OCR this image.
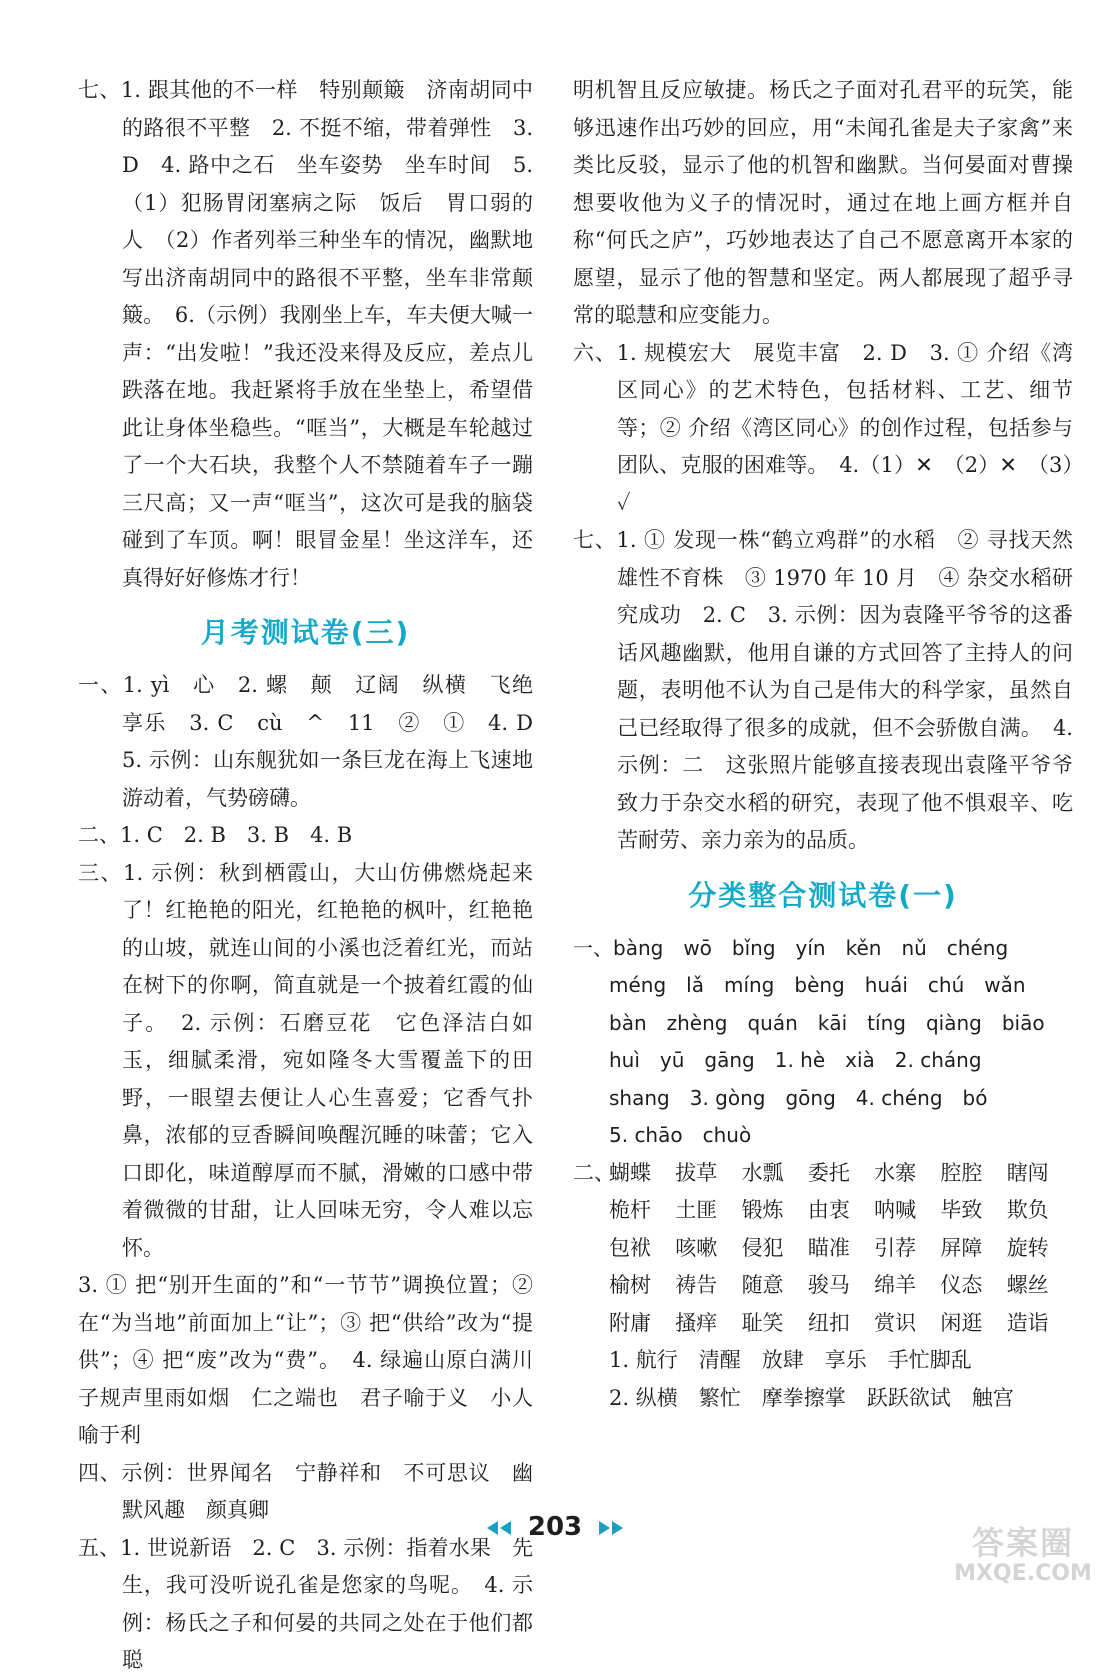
七、1. 跟其他的不一样　特别颠簸　济南胡同中的路很不平整　2. 不挺不缩，带着弹性　3. D　4. 路中之石　坐车姿势　坐车时间　5.（1）犯肠胃闭塞病之际　饭后　胃口弱的人　（2）作者列举三种坐车的情况，幽默地写出济南胡同中的路很不平整，坐车非常颠簸。　6.（示例）我刚坐上车，车夫便大喊一声：“出发啦！”我还没来得及反应，差点儿跌落在地。我赶紧将手放在坐垫上，希望借此让身体坐稳些。“哐当”，大概是车轮越过了一个大石块，我整个人不禁随着车子一蹦三尺高；又一声“哐当”，这次可是我的脑袋碰到了车顶。啊！眼冒金星！坐这洋车，还真得好好修炼才行！

月考测试卷(三)

一、1. yì　心　2. 螺　颠　辽阔　纵横　飞绝　享乐　3. C　cù　^　11　②　①　4. D　5. 示例：山东舰犹如一条巨龙在海上飞速地游动着，气势磅礴。

二、1. C　2. B　3. B　4. B

三、1. 示例：秋到栖霞山，大山仿佛燃烧起来了！红艳艳的阳光，红艳艳的枫叶，红艳艳的山坡，就连山间的小溪也泛着红光，而站在树下的你啊，简直就是一个披着红霞的仙子。　2. 示例：石磨豆花　它色泽洁白如玉，细腻柔滑，宛如隆冬大雪覆盖下的田野，一眼望去便让人心生喜爱；它香气扑鼻，浓郁的豆香瞬间唤醒沉睡的味蕾；它入口即化，味道醇厚而不腻，滑嫩的口感中带着微微的甘甜，让人回味无穷，令人难以忘怀。

3. ① 把“别开生面的”和“一节节”调换位置；② 在“为当地”前面加上“让”；③ 把“供给”改为“提供”；④ 把“废”改为“费”。　4. 绿遍山原白满川　子规声里雨如烟　仁之端也　君子喻于义　小人喻于利

四、示例：世界闻名　宁静祥和　不可思议　幽默风趣　颜真卿

五、1. 世说新语　2. C　3. 示例：指着水果　先生，我可没听说孔雀是您家的鸟呢。　4. 示例：杨氏之子和何晏的共同之处在于他们都聪

明机智且反应敏捷。杨氏之子面对孔君平的玩笑，能够迅速作出巧妙的回应，用“未闻孔雀是夫子家禽”来类比反驳，显示了他的机智和幽默。当何晏面对曹操想要收他为义子的情况时，通过在地上画方框并自称“何氏之庐”，巧妙地表达了自己不愿意离开本家的愿望，显示了他的智慧和坚定。两人都展现了超乎寻常的聪慧和应变能力。

六、1. 规模宏大　展览丰富　2. D　3. ① 介绍《湾区同心》的艺术特色，包括材料、工艺、细节等；② 介绍《湾区同心》的创作过程，包括参与团队、克服的困难等。　4.（1）✕　（2）✕　（3）✓

七、1. ① 发现一株“鹤立鸡群”的水稻　② 寻找天然雄性不育株　③ 1970 年 10 月　④ 杂交水稻研究成功　2. C　3. 示例：因为袁隆平爷爷的这番话风趣幽默，他用自谦的方式回答了主持人的问题，表明他不认为自己是伟大的科学家，虽然自己已经取得了很多的成就，但不会骄傲自满。　4. 示例：二　这张照片能够直接表现出袁隆平爷爷致力于杂交水稻的研究，表现了他不惧艰辛、吃苦耐劳、亲力亲为的品质。

分类整合测试卷(一)

一、bàng　wō　bǐng　yín　kěn　nǔ　chéng

méng　lǎ　míng　bèng　huái　chú　wǎn

bàn　zhèng　quán　kāi　tíng　qiàng　biāo

huì　yū　gāng　1. hè　xià　2. cháng

shang　3. gòng　gōng　4. chéng　bó

5. chāo　chuò

二、
蝴蝶	拔草	水瓢	委托	水寨	腔腔	瞎闯
桅杆	土匪	锻炼	由衷	呐喊	毕致	欺负
包袱	咳嗽	侵犯	瞄准	引荐	屏障	旋转
榆树	祷告	随意	骏马	绵羊	仪态	螺丝
附庸	搔痒	耻笑	纽扣	赏识	闲逛	造诣

1. 航行　清醒　放肆　享乐　手忙脚乱

2. 纵横　繁忙　摩拳擦掌　跃跃欲试　触宫

203	答案圈
MXQE.COM
